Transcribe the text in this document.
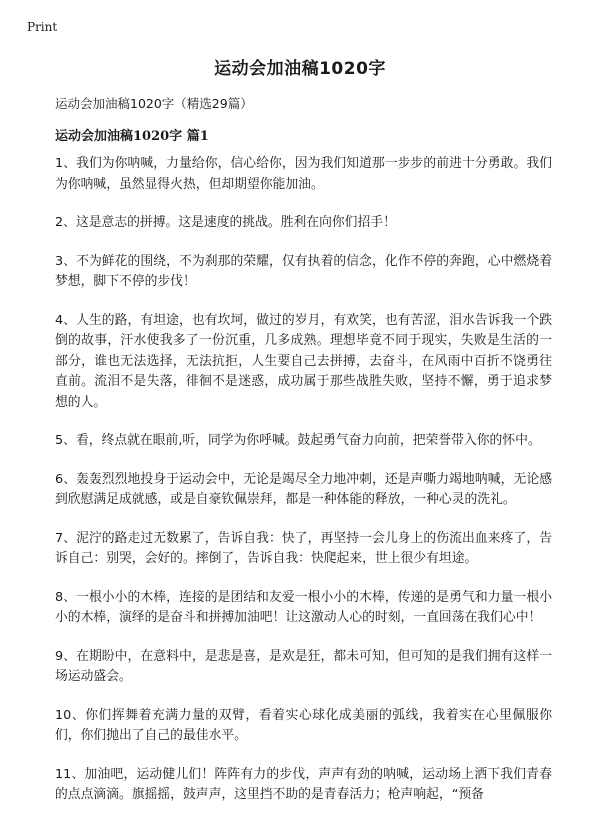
Print
运动会加油稿1020字
运动会加油稿1020字（精选29篇）
运动会加油稿1020字 篇1

1、我们为你呐喊，力量给你，信心给你，因为我们知道那一步步的前进十分勇敢。我们为你呐喊，虽然显得火热，但却期望你能加油。

2、这是意志的拼搏。这是速度的挑战。胜利在向你们招手！

3、不为鲜花的围绕，不为刹那的荣耀，仅有执着的信念，化作不停的奔跑，心中燃烧着梦想，脚下不停的步伐！

4、人生的路，有坦途，也有坎坷，做过的岁月，有欢笑，也有苦涩，泪水告诉我一个跌倒的故事，汗水使我多了一份沉重，几多成熟。理想毕竟不同于现实，失败是生活的一部分，谁也无法选择，无法抗拒，人生要自己去拼搏，去奋斗，在风雨中百折不饶勇往直前。流泪不是失落，徘徊不是迷惑，成功属于那些战胜失败，坚持不懈，勇于追求梦想的人。

5、看，终点就在眼前,听，同学为你呼喊。鼓起勇气奋力向前，把荣誉带入你的怀中。

6、轰轰烈烈地投身于运动会中，无论是竭尽全力地冲刺，还是声嘶力竭地呐喊，无论感到欣慰满足成就感，或是自豪钦佩崇拜，都是一种体能的释放，一种心灵的洗礼。

7、泥泞的路走过无数累了，告诉自我：快了，再坚持一会儿身上的伤流出血来疼了，告诉自己：别哭，会好的。摔倒了，告诉自我：快爬起来，世上很少有坦途。

8、一根小小的木棒，连接的是团结和友爱一根小小的木棒，传递的是勇气和力量一根小小的木棒，演绎的是奋斗和拼搏加油吧！让这激动人心的时刻，一直回荡在我们心中！

9、在期盼中，在意料中，是悲是喜，是欢是狂，都未可知，但可知的是我们拥有这样一场运动盛会。

10、你们挥舞着充满力量的双臂，看着实心球化成美丽的弧线，我着实在心里佩服你们，你们抛出了自己的最佳水平。

11、加油吧，运动健儿们！阵阵有力的步伐，声声有劲的呐喊，运动场上洒下我们青春的点点滴滴。旗摇摇，鼓声声，这里挡不助的是青春活力；枪声响起，“预备
